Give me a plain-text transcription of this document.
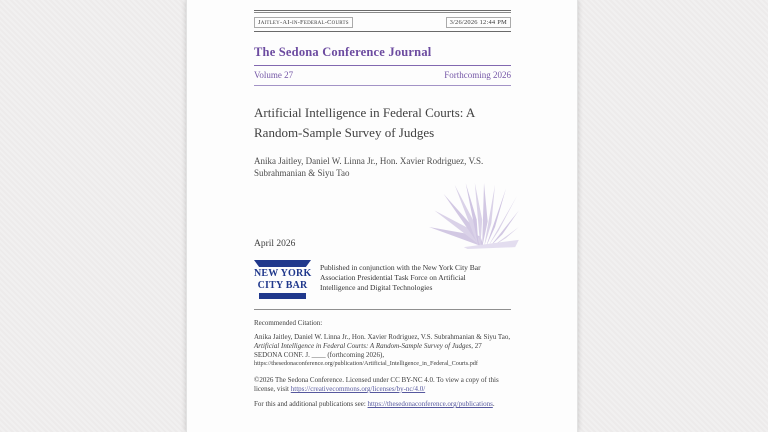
Jaitley-AI-in-Federal-Courts	3/26/2026 12:44 PM
The Sedona Conference Journal
Volume 27	Forthcoming 2026
Artificial Intelligence in Federal Courts: A Random-Sample Survey of Judges
Anika Jaitley, Daniel W. Linna Jr., Hon. Xavier Rodriguez, V.S. Subrahmanian & Siyu Tao
April 2026
NEW YORK
CITY BAR
Published in conjunction with the New York City Bar Association Presidential Task Force on Artificial Intelligence and Digital Technologies
Recommended Citation:
Anika Jaitley, Daniel W. Linna Jr., Hon. Xavier Rodriguez, V.S. Subrahmanian & Siyu Tao, Artificial Intelligence in Federal Courts: A Random-Sample Survey of Judges, 27 SEDONA CONF. J. ____ (forthcoming 2026),
https://thesedonaconference.org/publication/Artificial_Intelligence_in_Federal_Courts.pdf
©2026 The Sedona Conference. Licensed under CC BY-NC 4.0. To view a copy of this license, visit https://creativecommons.org/licenses/by-nc/4.0/
For this and additional publications see: https://thesedonaconference.org/publications.
